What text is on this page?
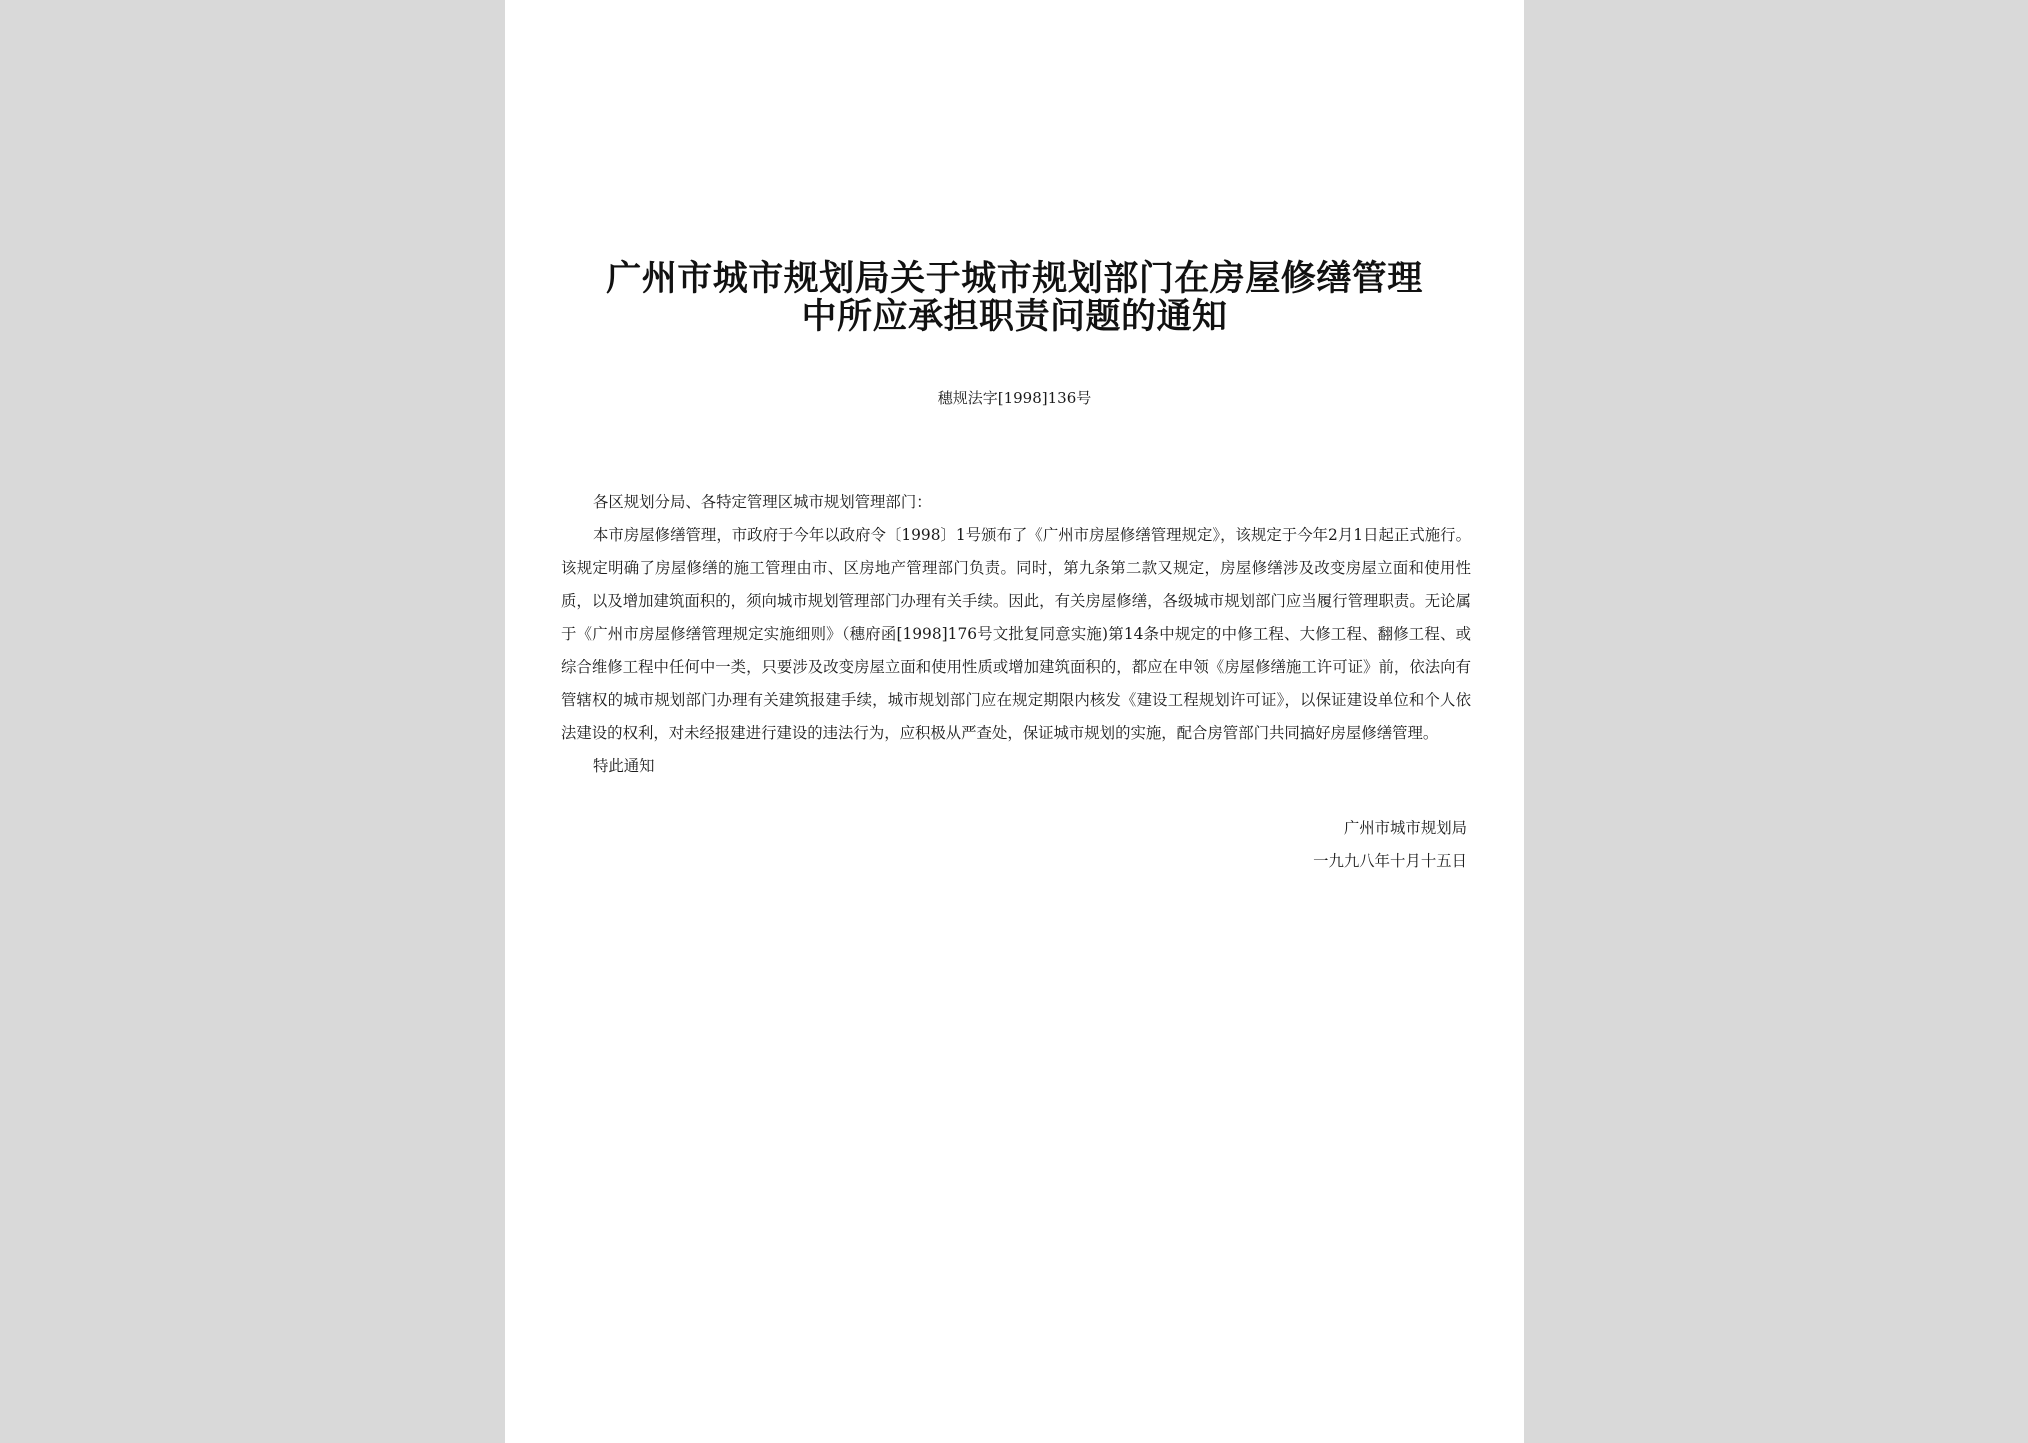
广州市城市规划局关于城市规划部门在房屋修缮管理
中所应承担职责问题的通知
穗规法字[1998]136号

各区规划分局、各特定管理区城市规划管理部门：

本市房屋修缮管理，市政府于今年以政府令〔1998〕1号颁布了《广州市房屋修缮管理规定》，该规定于今年2月1日起正式施行。该规定明确了房屋修缮的施工管理由市、区房地产管理部门负责。同时，第九条第二款又规定，房屋修缮涉及改变房屋立面和使用性质，以及增加建筑面积的，须向城市规划管理部门办理有关手续。因此，有关房屋修缮，各级城市规划部门应当履行管理职责。无论属于《广州市房屋修缮管理规定实施细则》（穗府函[1998]176号文批复同意实施)第14条中规定的中修工程、大修工程、翻修工程、或综合维修工程中任何中一类，只要涉及改变房屋立面和使用性质或增加建筑面积的，都应在申领《房屋修缮施工许可证》前，依法向有管辖权的城市规划部门办理有关建筑报建手续，城市规划部门应在规定期限内核发《建设工程规划许可证》，以保证建设单位和个人依法建设的权利，对未经报建进行建设的违法行为，应积极从严查处，保证城市规划的实施，配合房管部门共同搞好房屋修缮管理。

特此通知

广州市城市规划局
一九九八年十月十五日
